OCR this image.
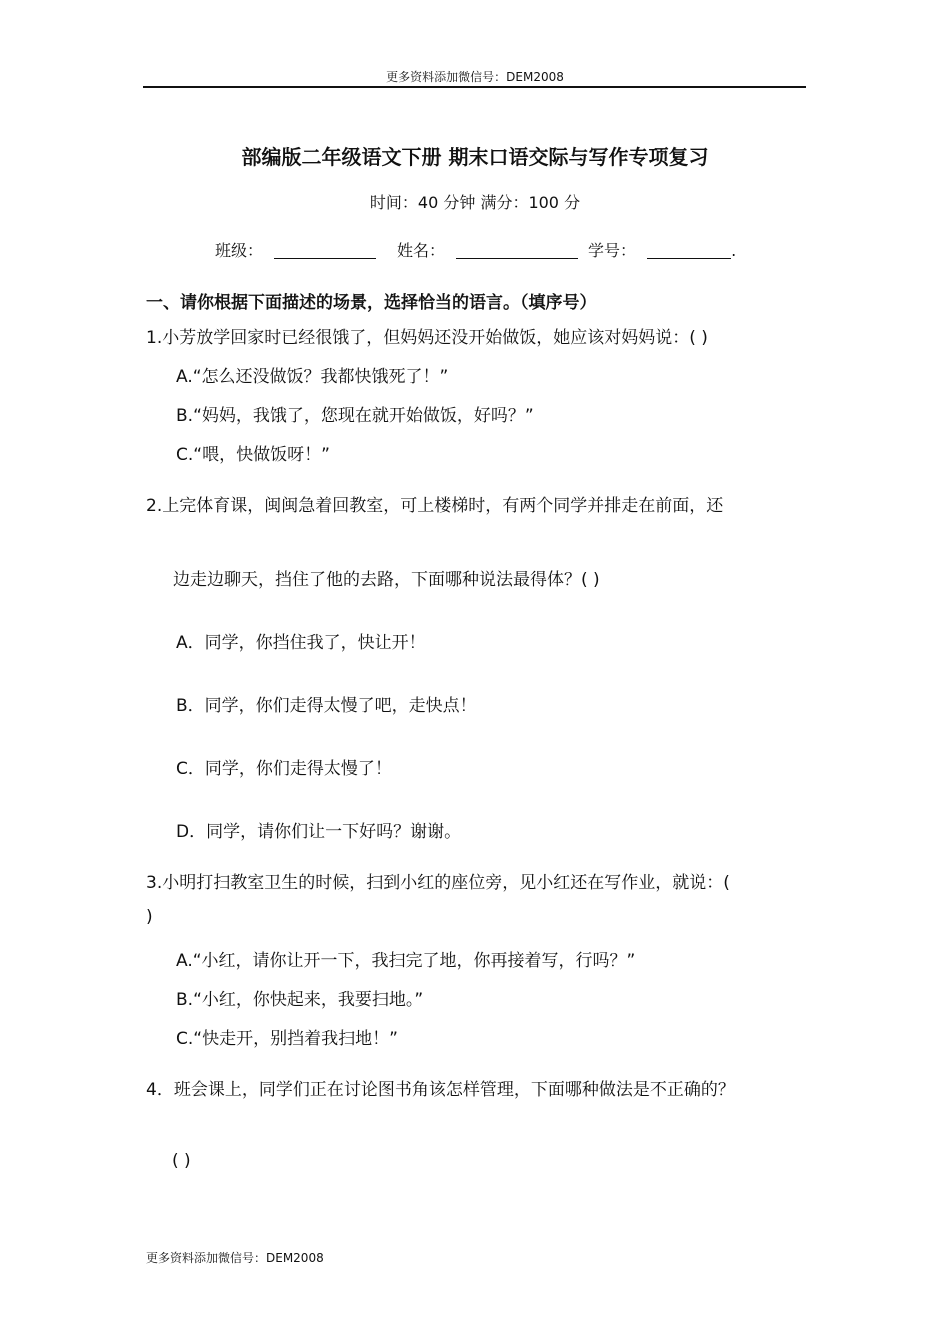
更多资料添加微信号：DEM2008
部编版二年级语文下册 期末口语交际与写作专项复习
时间：40 分钟 满分：100 分
班级：	姓名：	学号：	.
一、请你根据下面描述的场景，选择恰当的语言。（填序号）
1.小芳放学回家时已经很饿了，但妈妈还没开始做饭，她应该对妈妈说：( )
A.“怎么还没做饭？我都快饿死了！”
B.“妈妈，我饿了，您现在就开始做饭，好吗？”
C.“喂，快做饭呀！”
2.上完体育课，闽闽急着回教室，可上楼梯时，有两个同学并排走在前面，还
边走边聊天，挡住了他的去路，下面哪种说法最得体？( )
A．同学，你挡住我了，快让开！
B．同学，你们走得太慢了吧，走快点！
C．同学，你们走得太慢了！
D．同学，请你们让一下好吗？谢谢。
3.小明打扫教室卫生的时候，扫到小红的座位旁，见小红还在写作业，就说：(
)
A.“小红，请你让开一下，我扫完了地，你再接着写，行吗？”
B.“小红，你快起来，我要扫地。”
C.“快走开，别挡着我扫地！”
4．班会课上，同学们正在讨论图书角该怎样管理，下面哪种做法是不正确的？
( )
更多资料添加微信号：DEM2008
